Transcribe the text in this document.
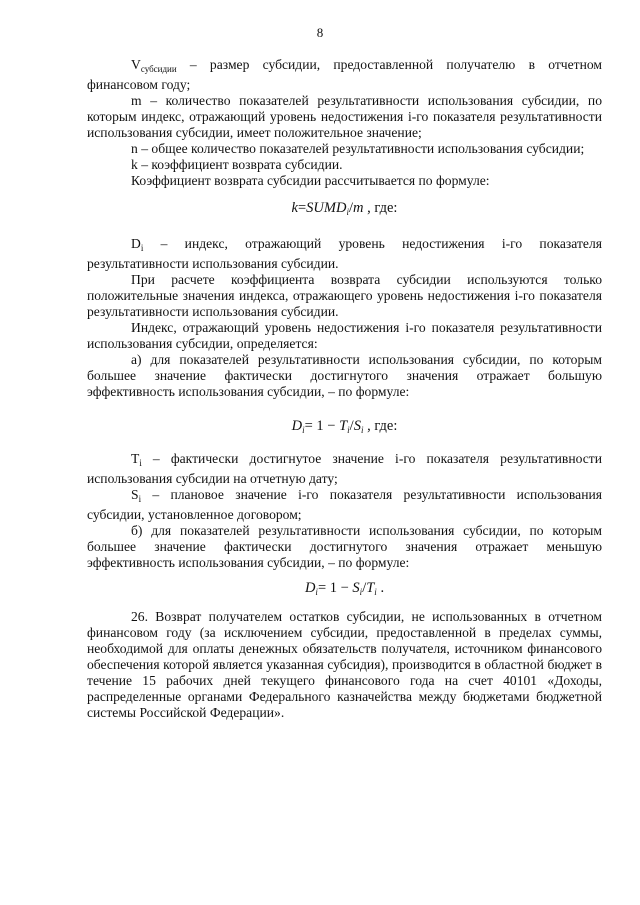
8

$V_{субсидии}$ – размер субсидии, предоставленной получателю в отчетном финансовом году;

m – количество показателей результативности использования субсидии, по которым индекс, отражающий уровень недостижения i-го показателя результативности использования субсидии, имеет положительное значение;

n – общее количество показателей результативности использования субсидии;

k – коэффициент возврата субсидии.

Коэффициент возврата субсидии рассчитывается по формуле:

$k=SUMD_i/m$ , где:

$D_i$ – индекс, отражающий уровень недостижения i-го показателя результативности использования субсидии.

При расчете коэффициента возврата субсидии используются только положительные значения индекса, отражающего уровень недостижения i-го показателя результативности использования субсидии.

Индекс, отражающий уровень недостижения i-го показателя результативности использования субсидии, определяется:

а) для показателей результативности использования субсидии, по которым большее значение фактически достигнутого значения отражает большую эффективность использования субсидии, – по формуле:

$D_i= 1 - T_i/S_i$ , где:

$T_i$ – фактически достигнутое значение i-го показателя результативности использования субсидии на отчетную дату;

$S_i$ – плановое значение i-го показателя результативности использования субсидии, установленное договором;

б) для показателей результативности использования субсидии, по которым большее значение фактически достигнутого значения отражает меньшую эффективность использования субсидии, – по формуле:

$D_i= 1 - S_i/T_i$ .

26. Возврат получателем остатков субсидии, не использованных в отчетном финансовом году (за исключением субсидии, предоставленной в пределах суммы, необходимой для оплаты денежных обязательств получателя, источником финансового обеспечения которой является указанная субсидия), производится в областной бюджет в течение 15 рабочих дней текущего финансового года на счет 40101 «Доходы, распределенные органами Федерального казначейства между бюджетами бюджетной системы Российской Федерации».
